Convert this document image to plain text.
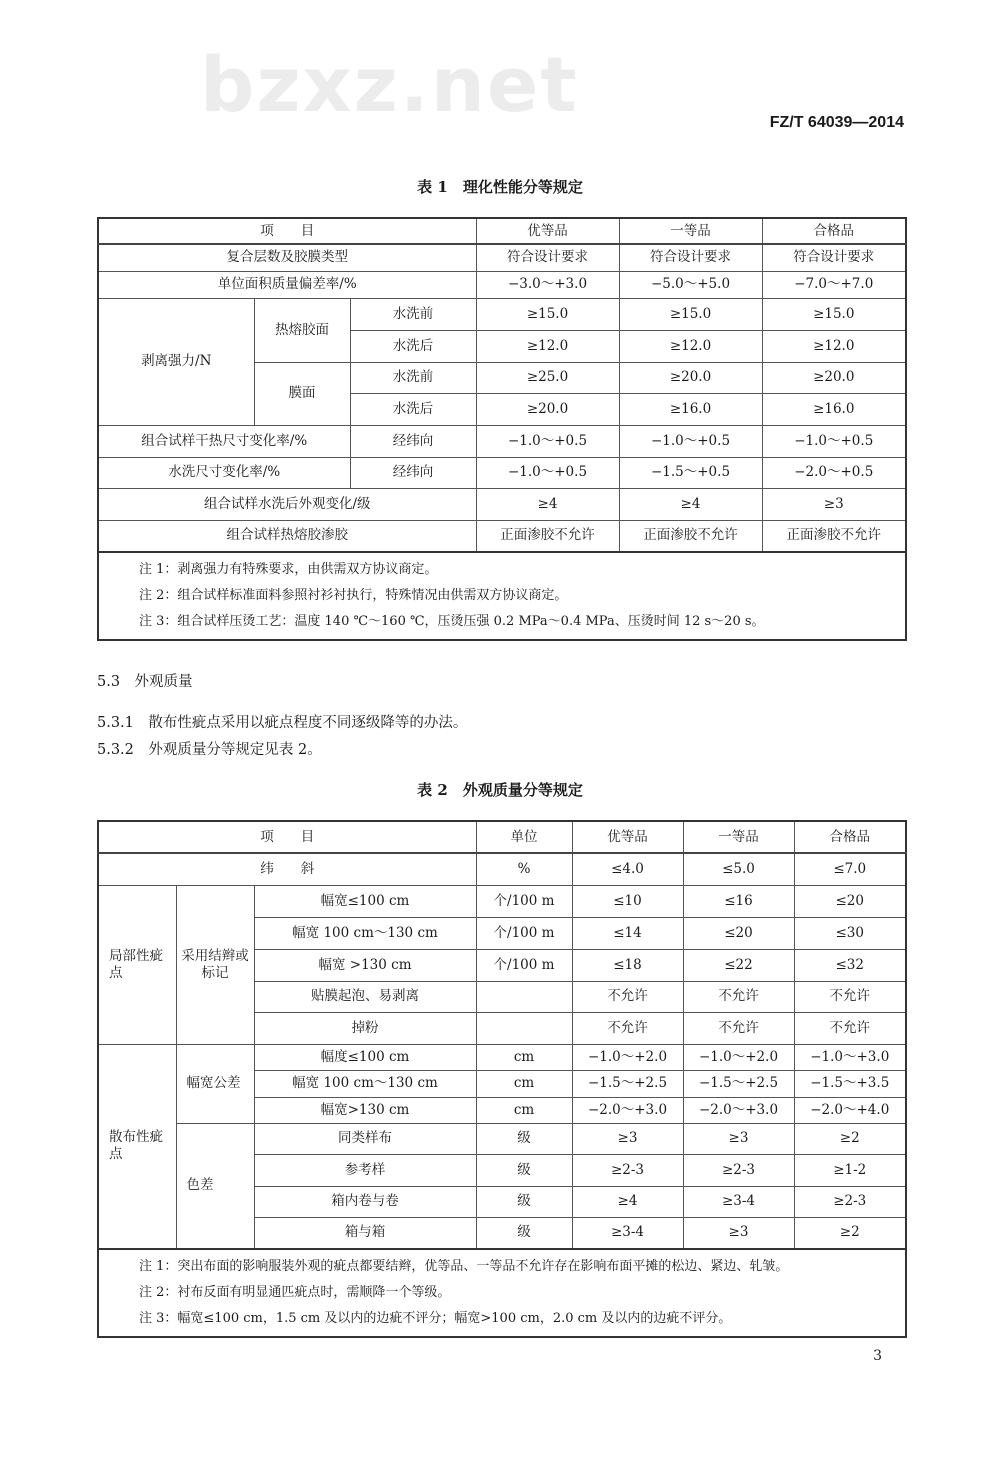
bzxz.net	FZ/T 64039—2014
表 1　理化性能分等规定
项　　目			优等品	一等品	合格品
复合层数及胶膜类型			符合设计要求	符合设计要求	符合设计要求
单位面积质量偏差率/%			−3.0～+3.0	−5.0～+5.0	−7.0～+7.0
剥离强力/N	热熔胶面	水洗前	≥15.0	≥15.0	≥15.0
		水洗后	≥12.0	≥12.0	≥12.0
	膜面	水洗前	≥25.0	≥20.0	≥20.0
		水洗后	≥20.0	≥16.0	≥16.0
组合试样干热尺寸变化率/%		经纬向	−1.0～+0.5	−1.0～+0.5	−1.0～+0.5
水洗尺寸变化率/%		经纬向	−1.0～+0.5	−1.5～+0.5	−2.0～+0.5
组合试样水洗后外观变化/级			≥4	≥4	≥3
组合试样热熔胶渗胶			正面渗胶不允许	正面渗胶不允许	正面渗胶不允许

注 1：剥离强力有特殊要求，由供需双方协议商定。
注 2：组合试样标准面料参照衬衫衬执行，特殊情况由供需双方协议商定。
注 3：组合试样压烫工艺：温度 140 ℃～160 ℃，压烫压强 0.2 MPa～0.4 MPa、压烫时间 12 s～20 s。					
5.3　外观质量
5.3.1　散布性疵点采用以疵点程度不同逐级降等的办法。
5.3.2　外观质量分等规定见表 2。
表 2　外观质量分等规定
项　　目			单位	优等品	一等品	合格品
纬　　斜			%	≤4.0	≤5.0	≤7.0
局部性疵点	采用结辫或标记	幅宽≤100 cm	个/100 m	≤10	≤16	≤20
		幅宽 100 cm～130 cm	个/100 m	≤14	≤20	≤30
		幅宽 >130 cm	个/100 m	≤18	≤22	≤32
		贴膜起泡、易剥离		不允许	不允许	不允许
		掉粉		不允许	不允许	不允许
散布性疵点	幅宽公差	幅度≤100 cm	cm	−1.0～+2.0	−1.0～+2.0	−1.0～+3.0
		幅宽 100 cm～130 cm	cm	−1.5～+2.5	−1.5～+2.5	−1.5～+3.5
		幅宽>130 cm	cm	−2.0～+3.0	−2.0～+3.0	−2.0～+4.0
	色差	同类样布	级	≥3	≥3	≥2
		参考样	级	≥2-3	≥2-3	≥1-2
		箱内卷与卷	级	≥4	≥3-4	≥2-3
		箱与箱	级	≥3-4	≥3	≥2

注 1：突出布面的影响服装外观的疵点都要结辫，优等品、一等品不允许存在影响布面平摊的松边、紧边、轧皱。
注 2：衬布反面有明显通匹疵点时，需顺降一个等级。
注 3：幅宽≤100 cm，1.5 cm 及以内的边疵不评分；幅宽>100 cm，2.0 cm 及以内的边疵不评分。						
3
